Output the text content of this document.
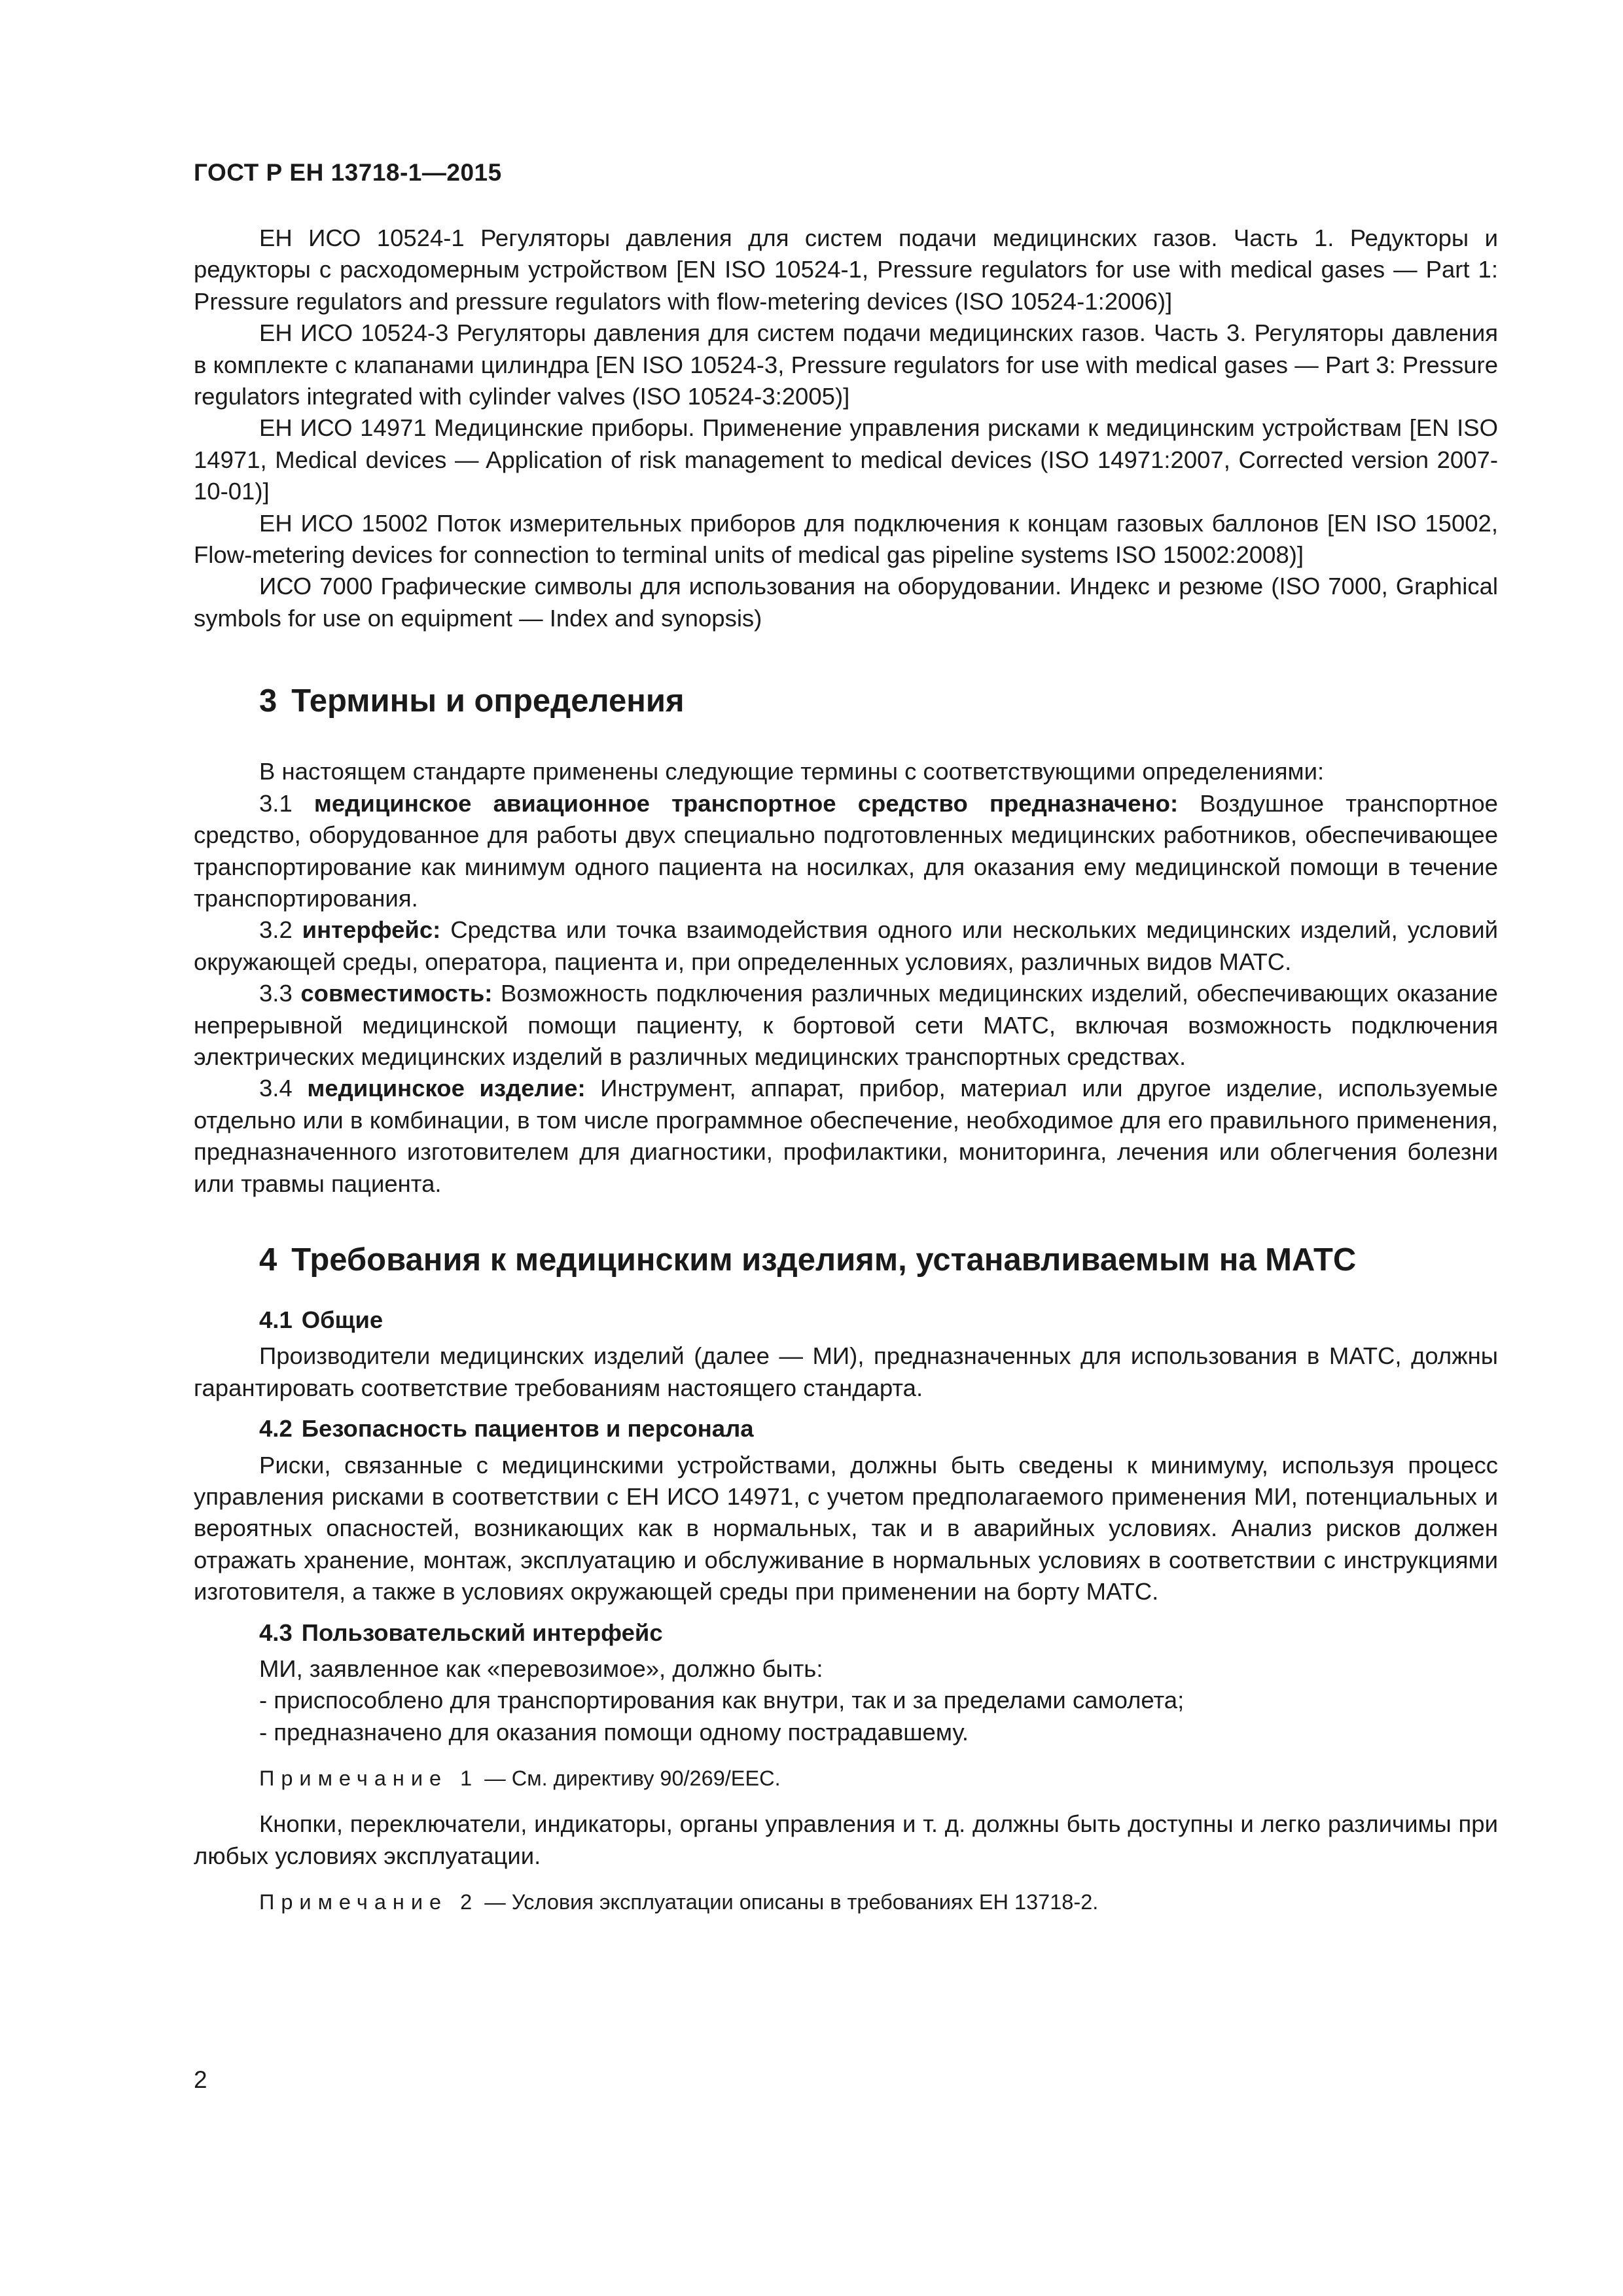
ГОСТ Р ЕН 13718-1—2015

ЕН ИСО 10524-1 Регуляторы давления для систем подачи медицинских газов. Часть 1. Редукторы и редукторы с расходомерным устройством [EN ISO 10524-1, Pressure regulators for use with medical gases — Part 1: Pressure regulators and pressure regulators with flow-metering devices (ISO 10524-1:2006)]

ЕН ИСО 10524-3 Регуляторы давления для систем подачи медицинских газов. Часть 3. Регуляторы давления в комплекте с клапанами цилиндра [EN ISO 10524-3, Pressure regulators for use with medical gases — Part 3: Pressure regulators integrated with cylinder valves (ISO 10524-3:2005)]

ЕН ИСО 14971 Медицинские приборы. Применение управления рисками к медицинским устройствам [EN ISO 14971, Medical devices — Application of risk management to medical devices (ISO 14971:2007, Corrected version 2007-10-01)]

ЕН ИСО 15002 Поток измерительных приборов для подключения к концам газовых баллонов [EN ISO 15002, Flow-metering devices for connection to terminal units of medical gas pipeline systems ISO 15002:2008)]

ИСО 7000 Графические символы для использования на оборудовании. Индекс и резюме (ISO 7000, Graphical symbols for use on equipment — Index and synopsis)

3 Термины и определения

В настоящем стандарте применены следующие термины с соответствующими определениями:

3.1 медицинское авиационное транспортное средство предназначено: Воздушное транспортное средство, оборудованное для работы двух специально подготовленных медицинских работников, обеспечивающее транспортирование как минимум одного пациента на носилках, для оказания ему медицинской помощи в течение транспортирования.

3.2 интерфейс: Средства или точка взаимодействия одного или нескольких медицинских изделий, условий окружающей среды, оператора, пациента и, при определенных условиях, различных видов МАТС.

3.3 совместимость: Возможность подключения различных медицинских изделий, обеспечивающих оказание непрерывной медицинской помощи пациенту, к бортовой сети МАТС, включая возможность подключения электрических медицинских изделий в различных медицинских транспортных средствах.

3.4 медицинское изделие: Инструмент, аппарат, прибор, материал или другое изделие, используемые отдельно или в комбинации, в том числе программное обеспечение, необходимое для его правильного применения, предназначенного изготовителем для диагностики, профилактики, мониторинга, лечения или облегчения болезни или травмы пациента.

4 Требования к медицинским изделиям, устанавливаемым на МАТС
4.1 Общие

Производители медицинских изделий (далее — МИ), предназначенных для использования в МАТС, должны гарантировать соответствие требованиям настоящего стандарта.

4.2 Безопасность пациентов и персонала

Риски, связанные с медицинскими устройствами, должны быть сведены к минимуму, используя процесс управления рисками в соответствии с ЕН ИСО 14971, с учетом предполагаемого применения МИ, потенциальных и вероятных опасностей, возникающих как в нормальных, так и в аварийных условиях. Анализ рисков должен отражать хранение, монтаж, эксплуатацию и обслуживание в нормальных условиях в соответствии с инструкциями изготовителя, а также в условиях окружающей среды при применении на борту МАТС.

4.3 Пользовательский интерфейс

МИ, заявленное как «перевозимое», должно быть:

- приспособлено для транспортирования как внутри, так и за пределами самолета;

- предназначено для оказания помощи одному пострадавшему.

Примечание 1 — См. директиву 90/269/EEC.

Кнопки, переключатели, индикаторы, органы управления и т. д. должны быть доступны и легко различимы при любых условиях эксплуатации.

Примечание 2 — Условия эксплуатации описаны в требованиях ЕН 13718-2.

2
